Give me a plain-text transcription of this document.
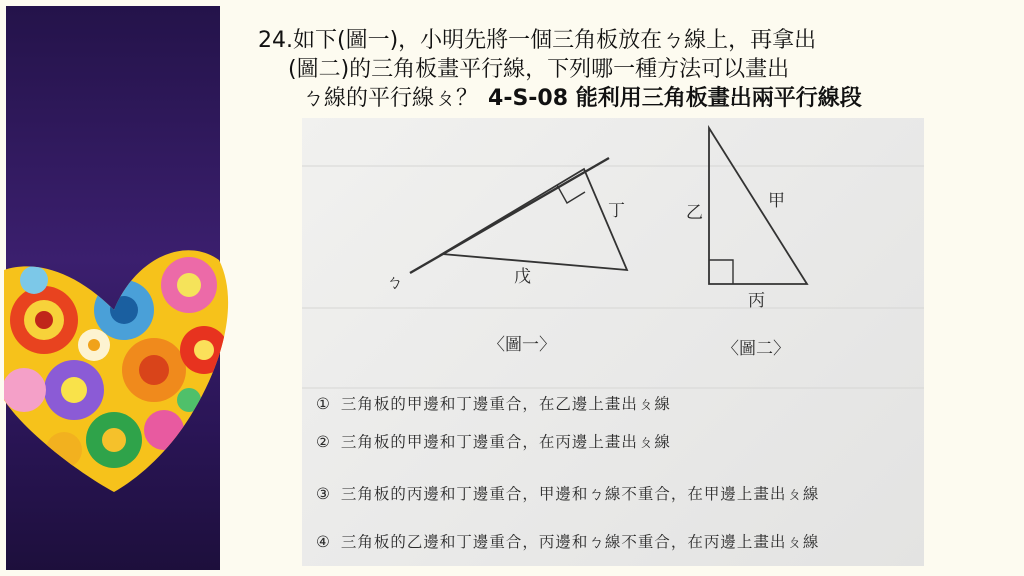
24.如下(圖一)，小明先將一個三角板放在ㄅ線上，再拿出
(圖二)的三角板畫平行線，下列哪一種方法可以畫出
ㄅ線的平行線ㄆ？ 4-S-08 能利用三角板畫出兩平行線段
ㄅ
丁
戊
〈圖一〉
乙
甲
丙
〈圖二〉
① 三角板的甲邊和丁邊重合，在乙邊上畫出ㄆ線
② 三角板的甲邊和丁邊重合，在丙邊上畫出ㄆ線
③ 三角板的丙邊和丁邊重合，甲邊和ㄅ線不重合，在甲邊上畫出ㄆ線
④ 三角板的乙邊和丁邊重合，丙邊和ㄅ線不重合，在丙邊上畫出ㄆ線
